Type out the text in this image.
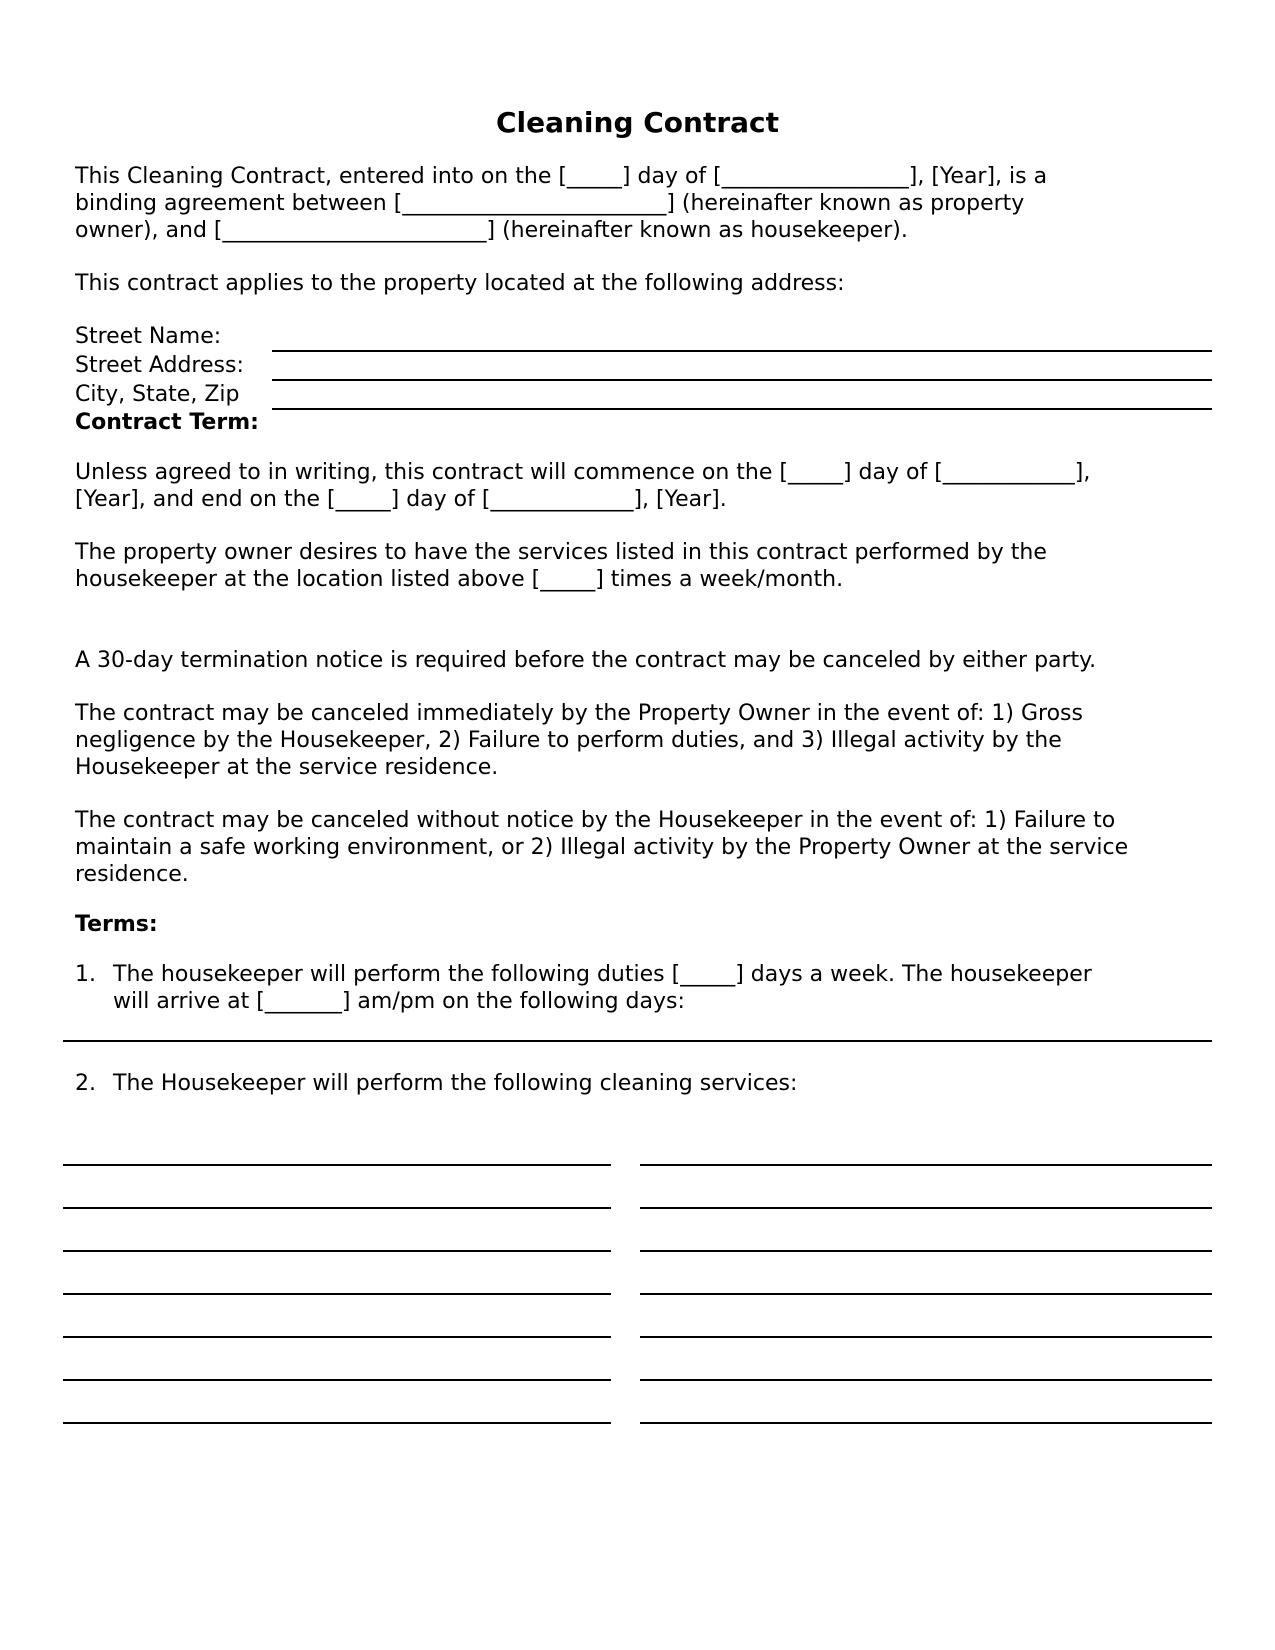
Cleaning Contract
This Cleaning Contract, entered into on the [_____] day of [_________________], [Year], is a
binding agreement between [________________________] (hereinafter known as property
owner), and [________________________] (hereinafter known as housekeeper).
This contract applies to the property located at the following address:
Street Name:
Street Address:
City, State, Zip
Contract Term:
Unless agreed to in writing, this contract will commence on the [_____] day of [____________],
[Year], and end on the [_____] day of [_____________], [Year].
The property owner desires to have the services listed in this contract performed by the
housekeeper at the location listed above [_____] times a week/month.
A 30-day termination notice is required before the contract may be canceled by either party.
The contract may be canceled immediately by the Property Owner in the event of: 1) Gross
negligence by the Housekeeper, 2) Failure to perform duties, and 3) Illegal activity by the
Housekeeper at the service residence.
The contract may be canceled without notice by the Housekeeper in the event of: 1) Failure to
maintain a safe working environment, or 2) Illegal activity by the Property Owner at the service
residence.
Terms:
1. The housekeeper will perform the following duties [_____] days a week. The housekeeper
will arrive at [_______] am/pm on the following days:
2. The Housekeeper will perform the following cleaning services:
